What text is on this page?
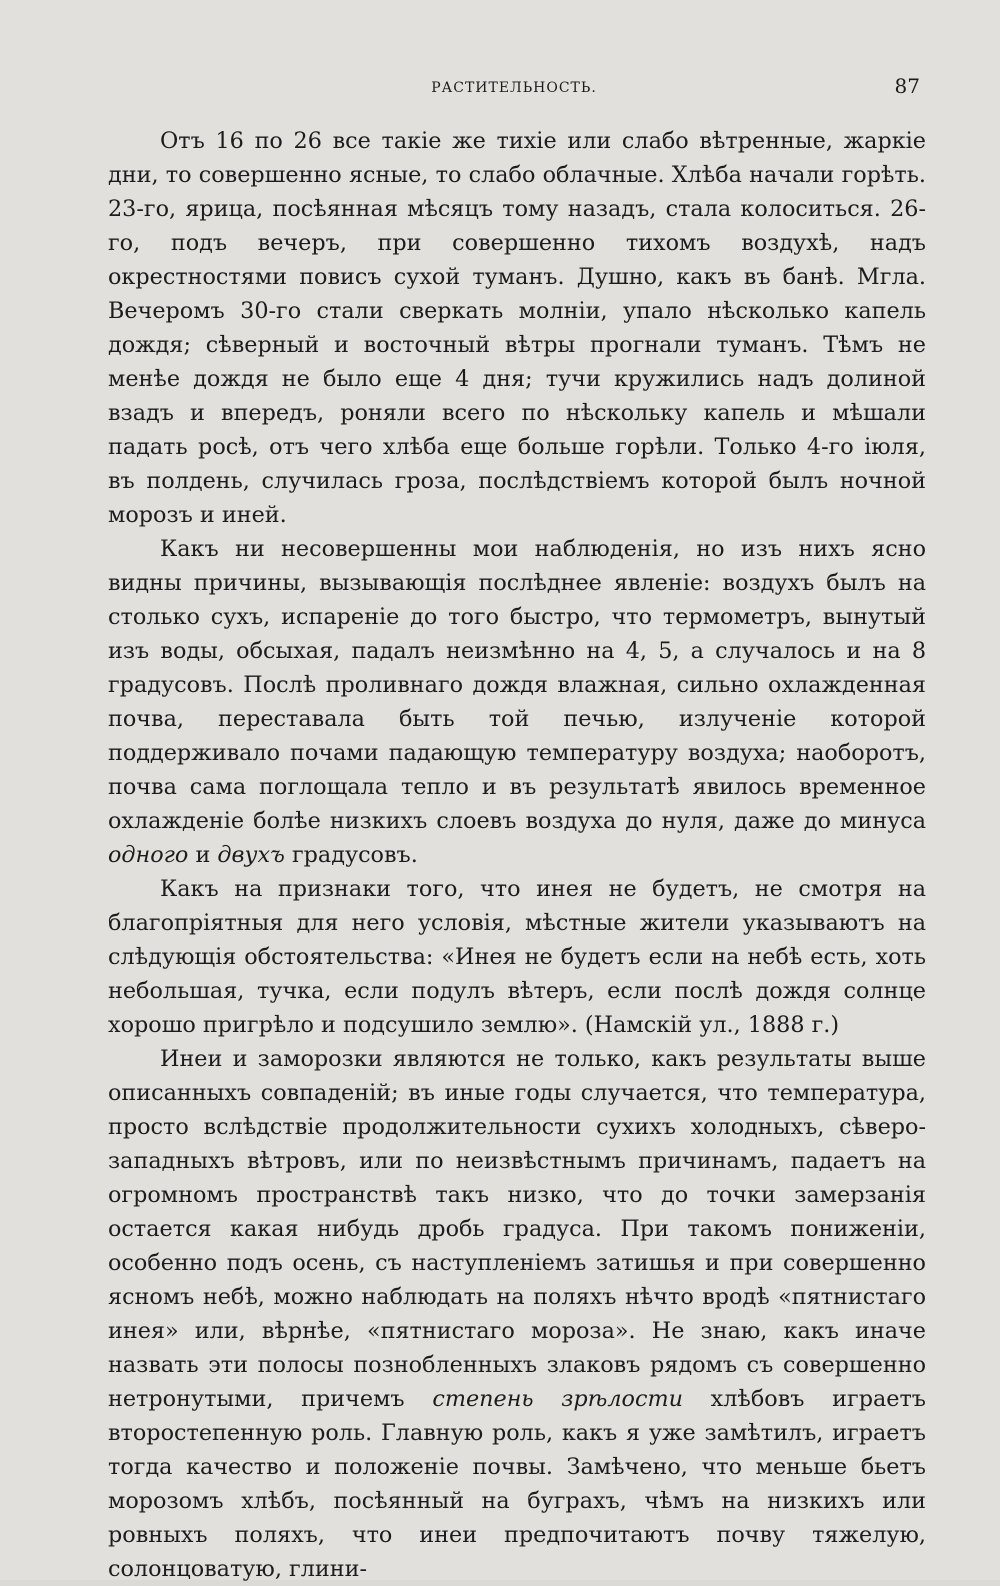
РАСТИТЕЛЬНОСТЬ.	87

Отъ 16 по 26 все такіе же тихіе или слабо вѣтренные, жаркіе дни, то совершенно ясные, то слабо облачные. Хлѣба начали горѣть. 23-го, ярица, посѣянная мѣсяцъ тому назадъ, стала колоситься. 26-го, подъ вечеръ, при совершенно тихомъ воздухѣ, надъ окрестностями повисъ сухой туманъ. Душно, какъ въ банѣ. Мгла. Вечеромъ 30-го стали сверкать молніи, упало нѣсколько капель дождя; сѣверный и восточный вѣтры прогнали туманъ. Тѣмъ не менѣе дождя не было еще 4 дня; тучи кружились надъ долиной взадъ и впередъ, роняли всего по нѣскольку капель и мѣшали падать росѣ, отъ чего хлѣба еще больше горѣли. Только 4-го іюля, въ полдень, случилась гроза, послѣдствіемъ которой былъ ночной морозъ и иней.

Какъ ни несовершенны мои наблюденія, но изъ нихъ ясно видны причины, вызывающія послѣднее явленіе: воздухъ былъ на столько сухъ, испареніе до того быстро, что термометръ, вынутый изъ воды, обсыхая, падалъ неизмѣнно на 4, 5, а случалось и на 8 градусовъ. Послѣ проливнаго дождя влажная, сильно охлажденная почва, переставала быть той печью, излученіе которой поддерживало почами падающую температуру воздуха; наоборотъ, почва сама поглощала тепло и въ результатѣ явилось временное охлажденіе болѣе низкихъ слоевъ воздуха до нуля, даже до минуса одного и двухъ градусовъ.

Какъ на признаки того, что инея не будетъ, не смотря на благопріятныя для него условія, мѣстные жители указываютъ на слѣдующія обстоятельства: «Инея не будетъ если на небѣ есть, хоть небольшая, тучка, если подулъ вѣтеръ, если послѣ дождя солнце хорошо пригрѣло и подсушило землю». (Намскій ул., 1888 г.)

Инеи и заморозки являются не только, какъ результаты выше описанныхъ совпаденій; въ иные годы случается, что температура, просто вслѣдствіе продолжительности сухихъ холодныхъ, сѣверо-западныхъ вѣтровъ, или по неизвѣстнымъ причинамъ, падаетъ на огромномъ пространствѣ такъ низко, что до точки замерзанія остается какая нибудь дробь градуса. При такомъ пониженіи, особенно подъ осень, съ наступленіемъ затишья и при совершенно ясномъ небѣ, можно наблюдать на поляхъ нѣчто вродѣ «пятнистаго инея» или, вѣрнѣе, «пятнистаго мороза». Не знаю, какъ иначе назвать эти полосы познобленныхъ злаковъ рядомъ съ совершенно нетронутыми, причемъ степень зрѣлости хлѣбовъ играетъ второстепенную роль. Главную роль, какъ я уже замѣтилъ, играетъ тогда качество и положеніе почвы. Замѣчено, что меньше бьетъ морозомъ хлѣбъ, посѣянный на буграхъ, чѣмъ на низкихъ или ровныхъ поляхъ, что инеи предпочитаютъ почву тяжелую, солонцоватую, глини-
